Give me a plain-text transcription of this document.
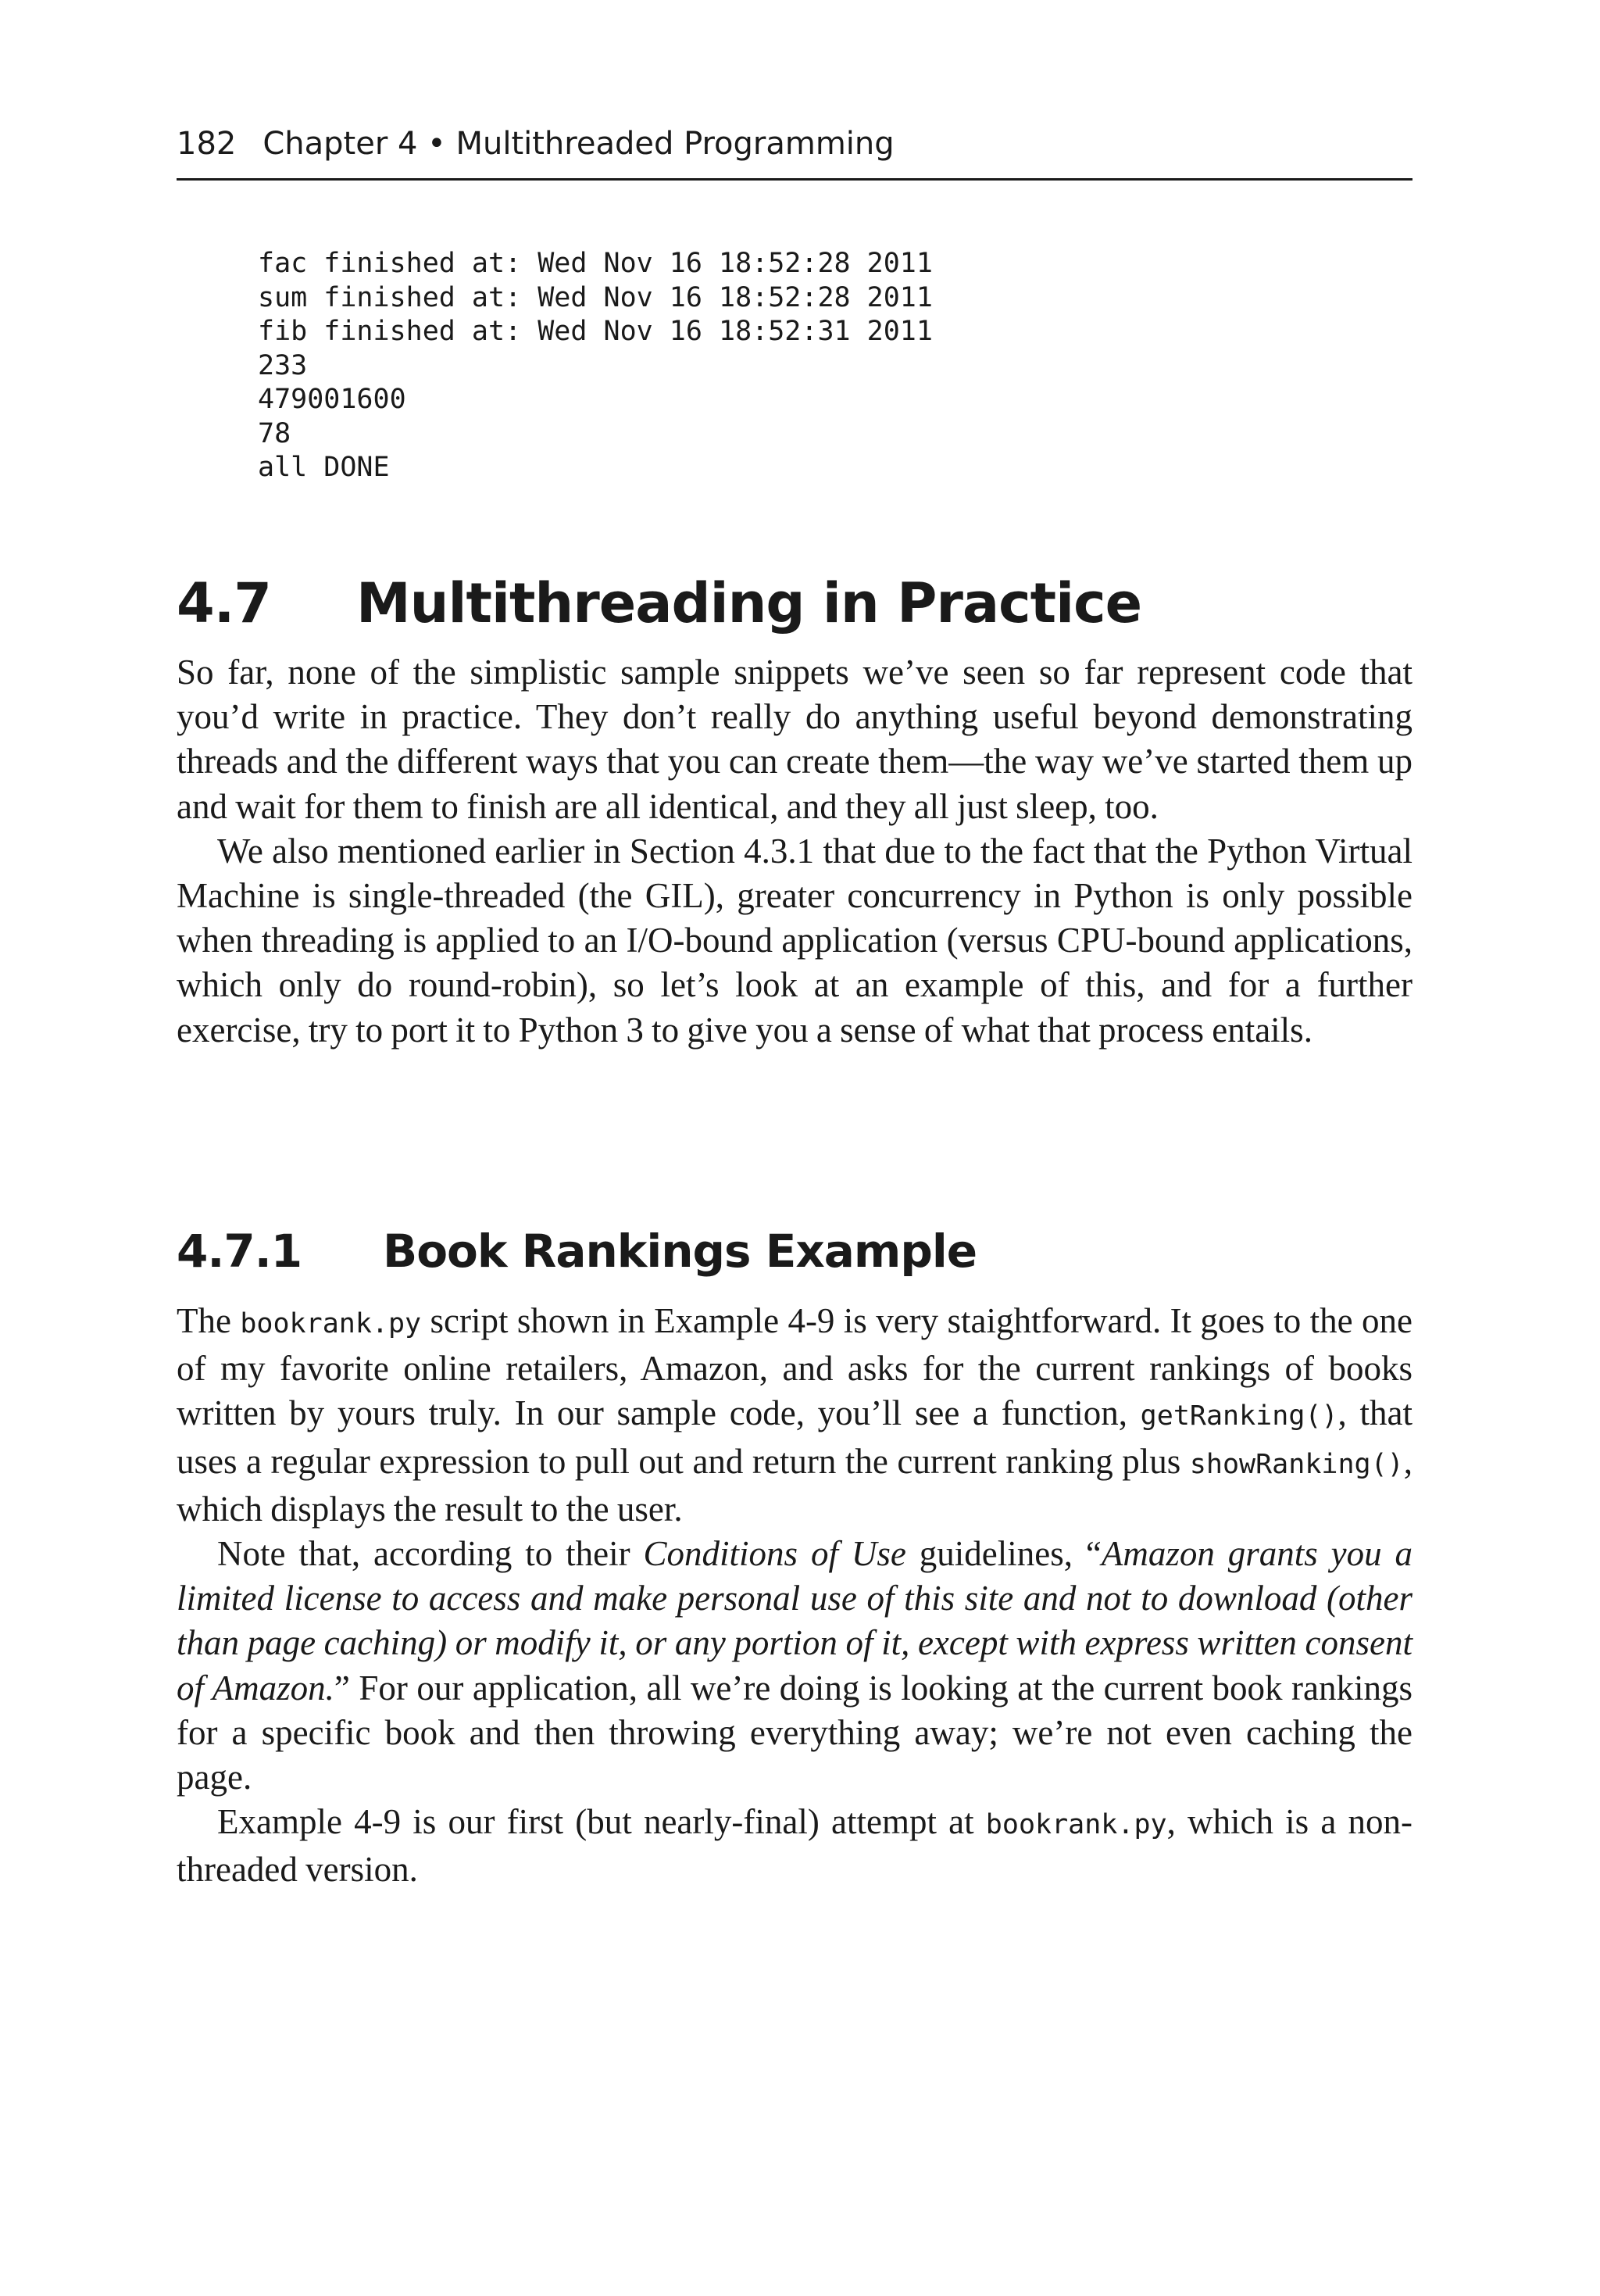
182 Chapter 4 • Multithreaded Programming
fac finished at: Wed Nov 16 18:52:28 2011
sum finished at: Wed Nov 16 18:52:28 2011
fib finished at: Wed Nov 16 18:52:31 2011
233
479001600
78
all DONE
4.7 Multithreading in Practice

So far, none of the simplistic sample snippets we’ve seen so far represent code that you’d write in practice. They don’t really do anything useful beyond demonstrating threads and the different ways that you can create them—the way we’ve started them up and wait for them to finish are all identical, and they all just sleep, too.

We also mentioned earlier in Section 4.3.1 that due to the fact that the Python Virtual Machine is single-threaded (the GIL), greater concurrency in Python is only possible when threading is applied to an I/O-bound application (versus CPU-bound applications, which only do round-robin), so let’s look at an example of this, and for a further exercise, try to port it to Python 3 to give you a sense of what that process entails.

4.7.1 Book Rankings Example

The bookrank.py script shown in Example 4-9 is very staightforward. It goes to the one of my favorite online retailers, Amazon, and asks for the current rankings of books written by yours truly. In our sample code, you’ll see a function, getRanking(), that uses a regular expression to pull out and return the current ranking plus showRanking(), which displays the result to the user.

Note that, according to their Conditions of Use guidelines, “Amazon grants you a limited license to access and make personal use of this site and not to download (other than page caching) or modify it, or any portion of it, except with express written consent of Amazon.” For our application, all we’re doing is looking at the current book rankings for a specific book and then throwing everything away; we’re not even caching the page.

Example 4-9 is our first (but nearly-final) attempt at bookrank.py, which is a non-threaded version.
